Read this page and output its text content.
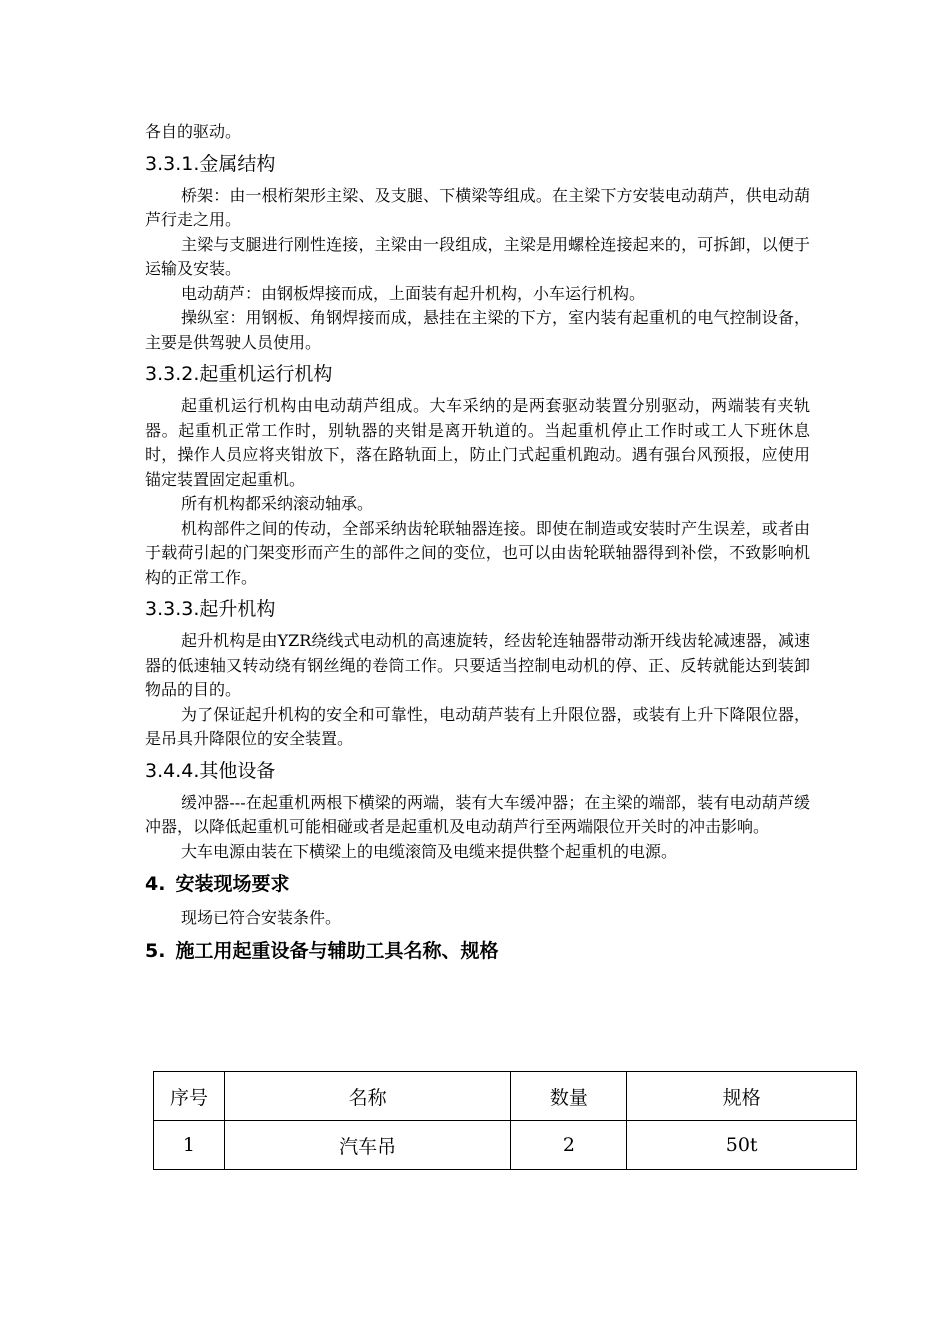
各自的驱动。

3.3.1.金属结构

桥架：由一根桁架形主梁、及支腿、下横梁等组成。在主梁下方安装电动葫芦，供电动葫芦行走之用。

主梁与支腿进行刚性连接，主梁由一段组成，主梁是用螺栓连接起来的，可拆卸，以便于运输及安装。

电动葫芦：由钢板焊接而成，上面装有起升机构，小车运行机构。

操纵室：用钢板、角钢焊接而成，悬挂在主梁的下方，室内装有起重机的电气控制设备，主要是供驾驶人员使用。

3.3.2.起重机运行机构

起重机运行机构由电动葫芦组成。大车采纳的是两套驱动装置分别驱动，两端装有夹轨器。起重机正常工作时，别轨器的夹钳是离开轨道的。当起重机停止工作时或工人下班休息时，操作人员应将夹钳放下，落在路轨面上，防止门式起重机跑动。遇有强台风预报，应使用锚定装置固定起重机。

所有机构都采纳滚动轴承。

机构部件之间的传动，全部采纳齿轮联轴器连接。即使在制造或安装时产生误差，或者由于载荷引起的门架变形而产生的部件之间的变位，也可以由齿轮联轴器得到补偿，不致影响机构的正常工作。

3.3.3.起升机构

起升机构是由YZR绕线式电动机的高速旋转，经齿轮连轴器带动渐开线齿轮减速器，减速器的低速轴又转动绕有钢丝绳的卷筒工作。只要适当控制电动机的停、正、反转就能达到装卸物品的目的。

为了保证起升机构的安全和可靠性，电动葫芦装有上升限位器，或装有上升下降限位器，是吊具升降限位的安全装置。

3.4.4.其他设备

缓冲器---在起重机两根下横梁的两端，装有大车缓冲器；在主梁的端部，装有电动葫芦缓冲器，以降低起重机可能相碰或者是起重机及电动葫芦行至两端限位开关时的冲击影响。

大车电源由装在下横梁上的电缆滚筒及电缆来提供整个起重机的电源。

4. 安装现场要求

现场已符合安装条件。

5. 施工用起重设备与辅助工具名称、规格
序号	名称	数量	规格
1	汽车吊	2	50t
